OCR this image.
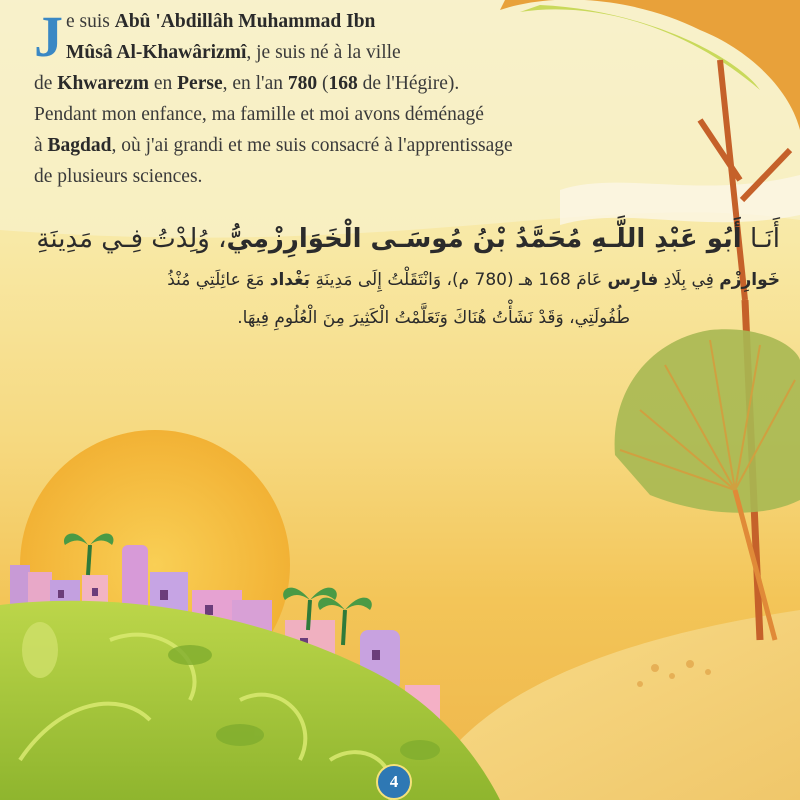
J e suis Abû 'Abdillâh Muhammad Ibn
Mûsâ Al-Khawârizmî, je suis né à la ville
de Khwarezm en Perse, en l'an 780 (168 de l'Hégire).
Pendant mon enfance, ma famille et moi avons déménagé
à Bagdad, où j'ai grandi et me suis consacré à l'apprentissage
de plusieurs sciences.
أَنَـا أَبُو عَبْدِ اللَّـهِ مُحَمَّدُ بْنُ مُوسَـى الْخَوَارِزْمِيُّ، وُلِدْتُ فِـي مَدِينَةِ
خَوارِزْم فِي بِلَادِ فارِس عَامَ 168 هـ (780 م)، وَانْتَقَلْتُ إِلَى مَدِينَةِ بَغْداد مَعَ عائِلَتِي مُنْذُ
طُفُولَتِي، وَقَدْ نَشَأْتُ هُنَاكَ وَتَعَلَّمْتُ الْكَثِيرَ مِنَ الْعُلُومِ فِيهَا.
4
